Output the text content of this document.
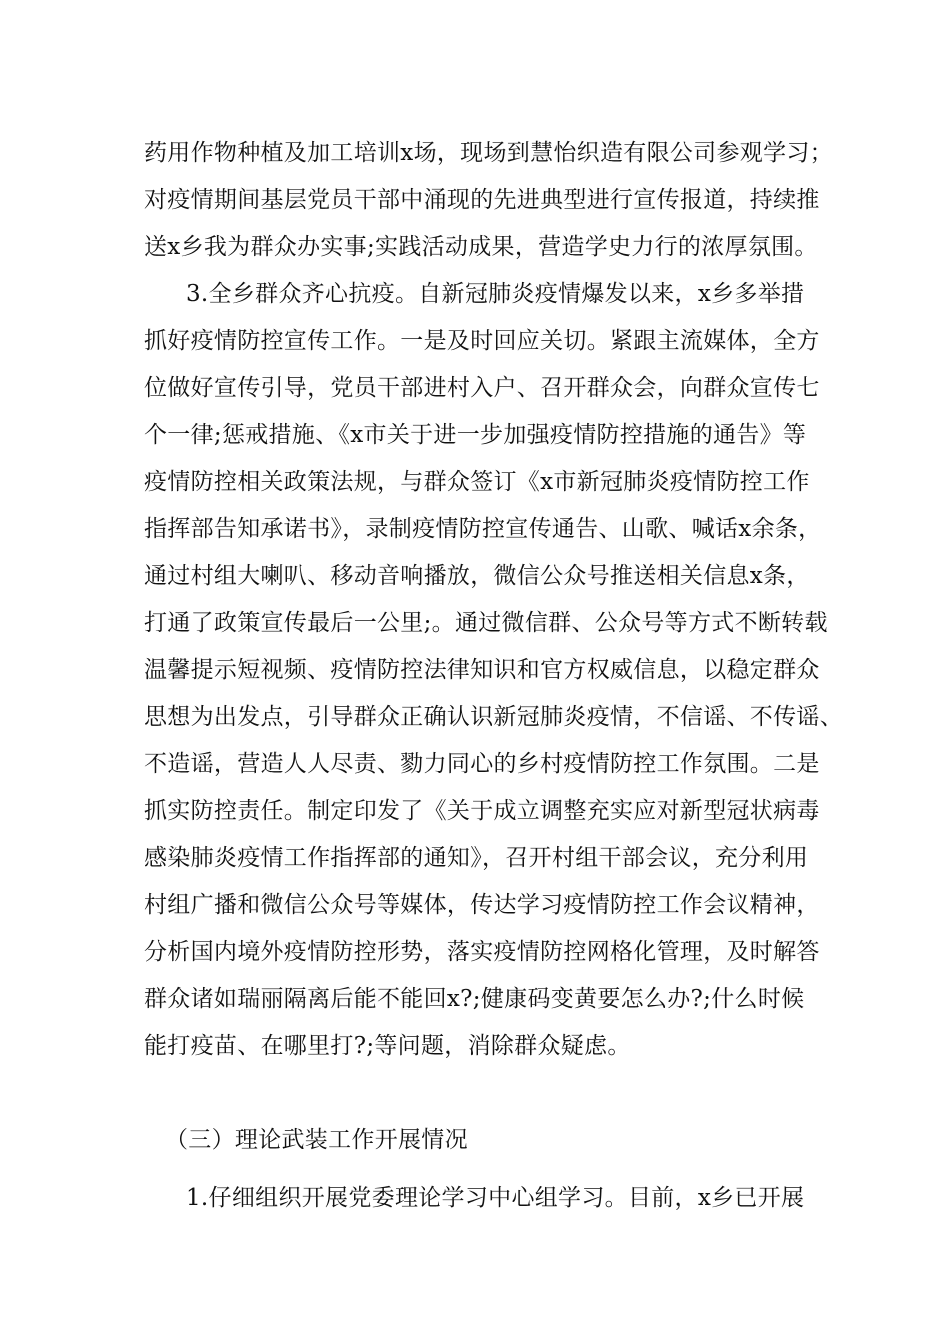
药用作物种植及加工培训x场，现场到慧怡织造有限公司参观学习；
对疫情期间基层党员干部中涌现的先进典型进行宣传报道，持续推
送x乡我为群众办实事;实践活动成果，营造学史力行的浓厚氛围。
3.全乡群众齐心抗疫。自新冠肺炎疫情爆发以来，x乡多举措
抓好疫情防控宣传工作。一是及时回应关切。紧跟主流媒体，全方
位做好宣传引导，党员干部进村入户、召开群众会，向群众宣传七
个一律;惩戒措施、《x市关于进一步加强疫情防控措施的通告》等
疫情防控相关政策法规，与群众签订《x市新冠肺炎疫情防控工作
指挥部告知承诺书》，录制疫情防控宣传通告、山歌、喊话x余条，
通过村组大喇叭、移动音响播放，微信公众号推送相关信息x条，
打通了政策宣传最后一公里;。通过微信群、公众号等方式不断转载
温馨提示短视频、疫情防控法律知识和官方权威信息，以稳定群众
思想为出发点，引导群众正确认识新冠肺炎疫情，不信谣、不传谣、
不造谣，营造人人尽责、勠力同心的乡村疫情防控工作氛围。二是
抓实防控责任。制定印发了《关于成立调整充实应对新型冠状病毒
感染肺炎疫情工作指挥部的通知》，召开村组干部会议，充分利用
村组广播和微信公众号等媒体，传达学习疫情防控工作会议精神，
分析国内境外疫情防控形势，落实疫情防控网格化管理，及时解答
群众诸如瑞丽隔离后能不能回x?;健康码变黄要怎么办?;什么时候
能打疫苗、在哪里打?;等问题，消除群众疑虑。
（三）理论武装工作开展情况
1.仔细组织开展党委理论学习中心组学习。目前，x乡已开展
